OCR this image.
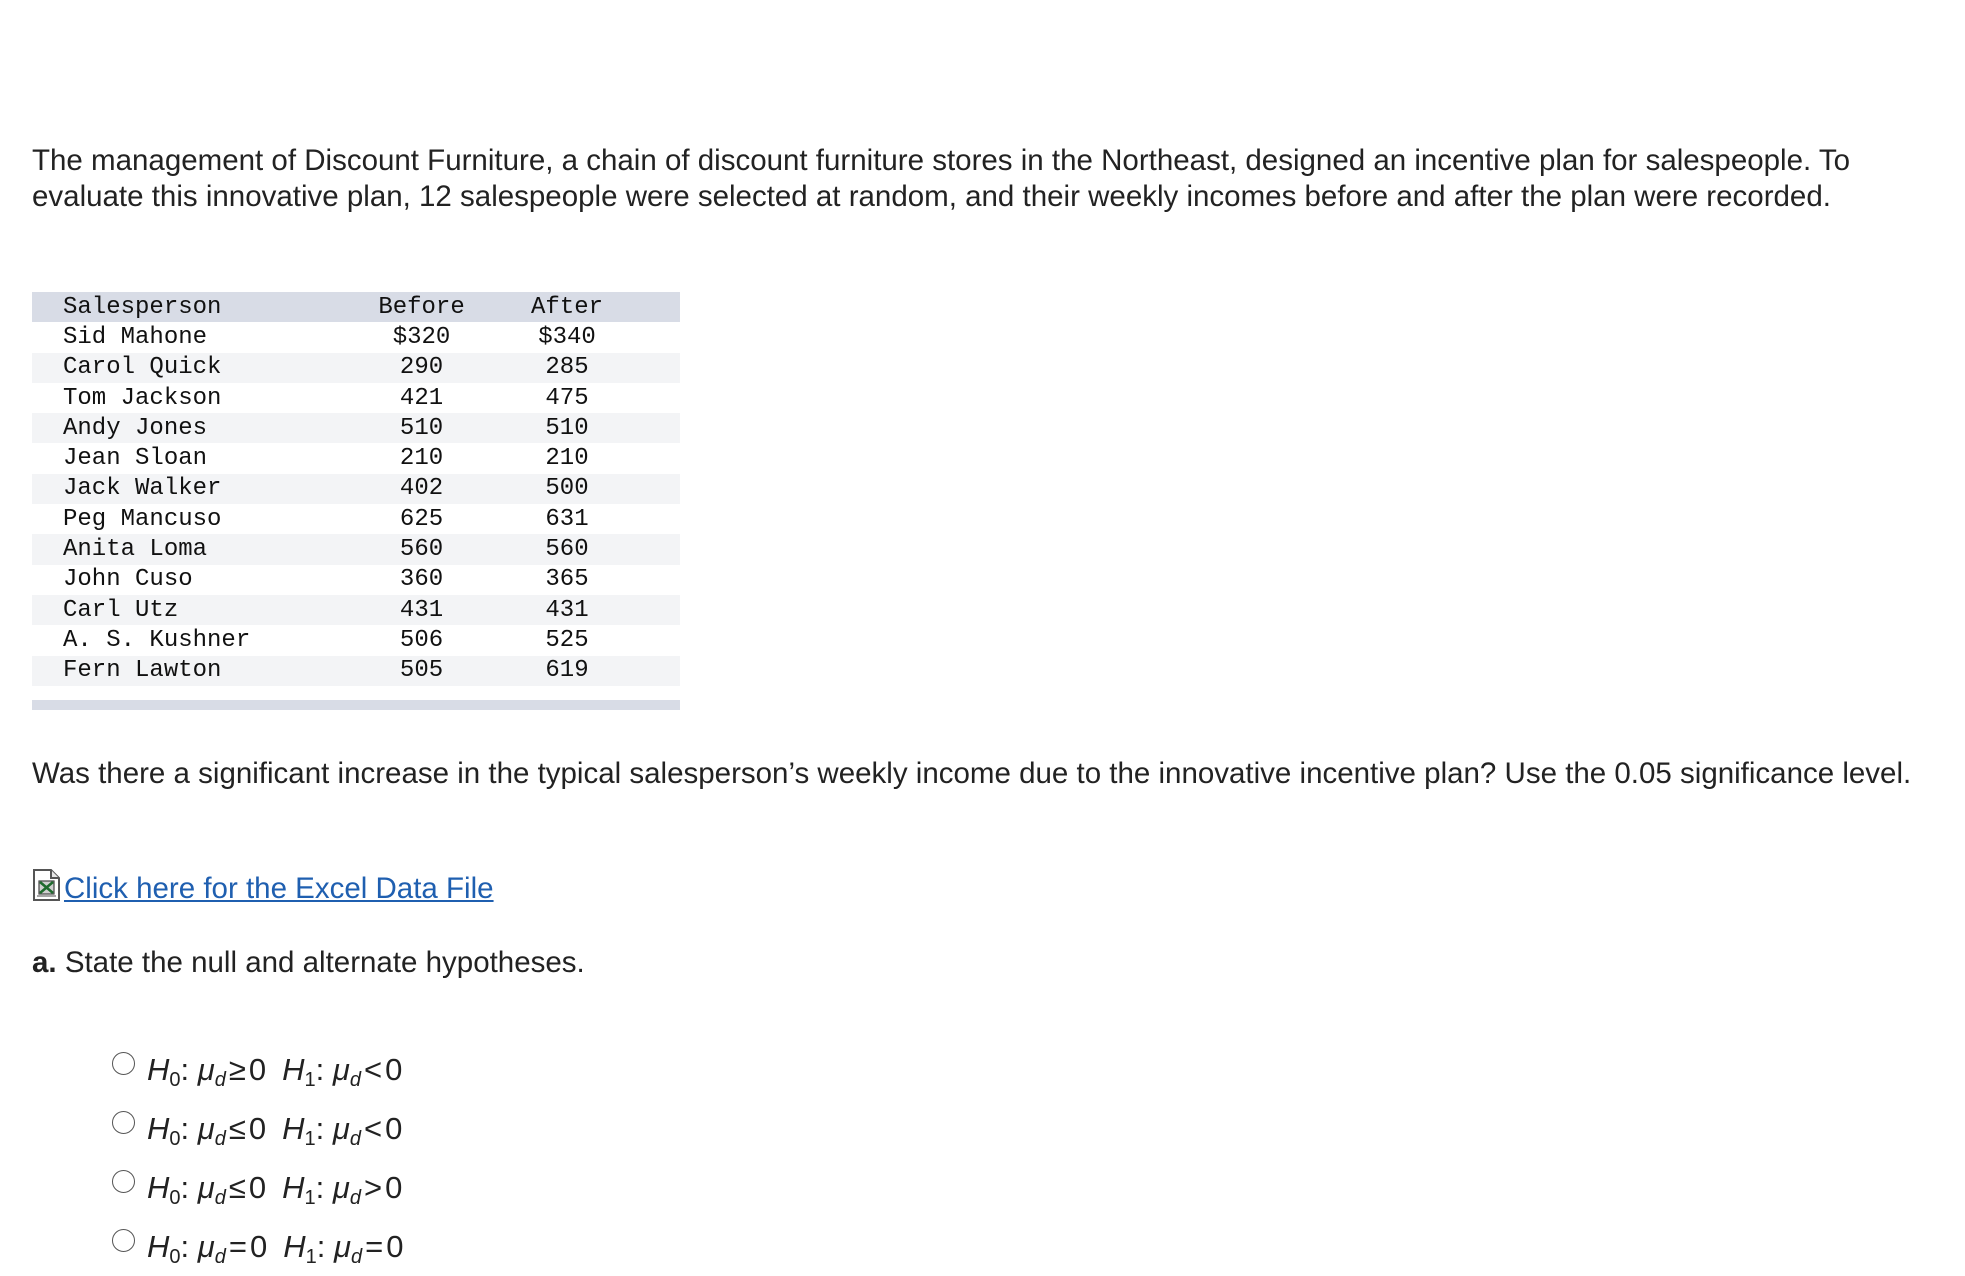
The management of Discount Furniture, a chain of discount furniture stores in the Northeast, designed an incentive plan for salespeople. To evaluate this innovative plan, 12 salespeople were selected at random, and their weekly incomes before and after the plan were recorded.

Salesperson	Before	After
Sid Mahone	$320	$340
Carol Quick	290	285
Tom Jackson	421	475
Andy Jones	510	510
Jean Sloan	210	210
Jack Walker	402	500
Peg Mancuso	625	631
Anita Loma	560	560
John Cuso	360	365
Carl Utz	431	431
A. S. Kushner	506	525
Fern Lawton	505	619

Was there a significant increase in the typical salesperson’s weekly income due to the innovative incentive plan? Use the 0.05 significance level.

Click here for the Excel Data File

a. State the null and alternate hypotheses.

$H_0$: $\mu_d\ge 0$ $H_1$: $\mu_d<0$
$H_0$: $\mu_d\le 0$ $H_1$: $\mu_d<0$
$H_0$: $\mu_d\le 0$ $H_1$: $\mu_d>0$
$H_0$: $\mu_d=0$ $H_1$: $\mu_d=0$
